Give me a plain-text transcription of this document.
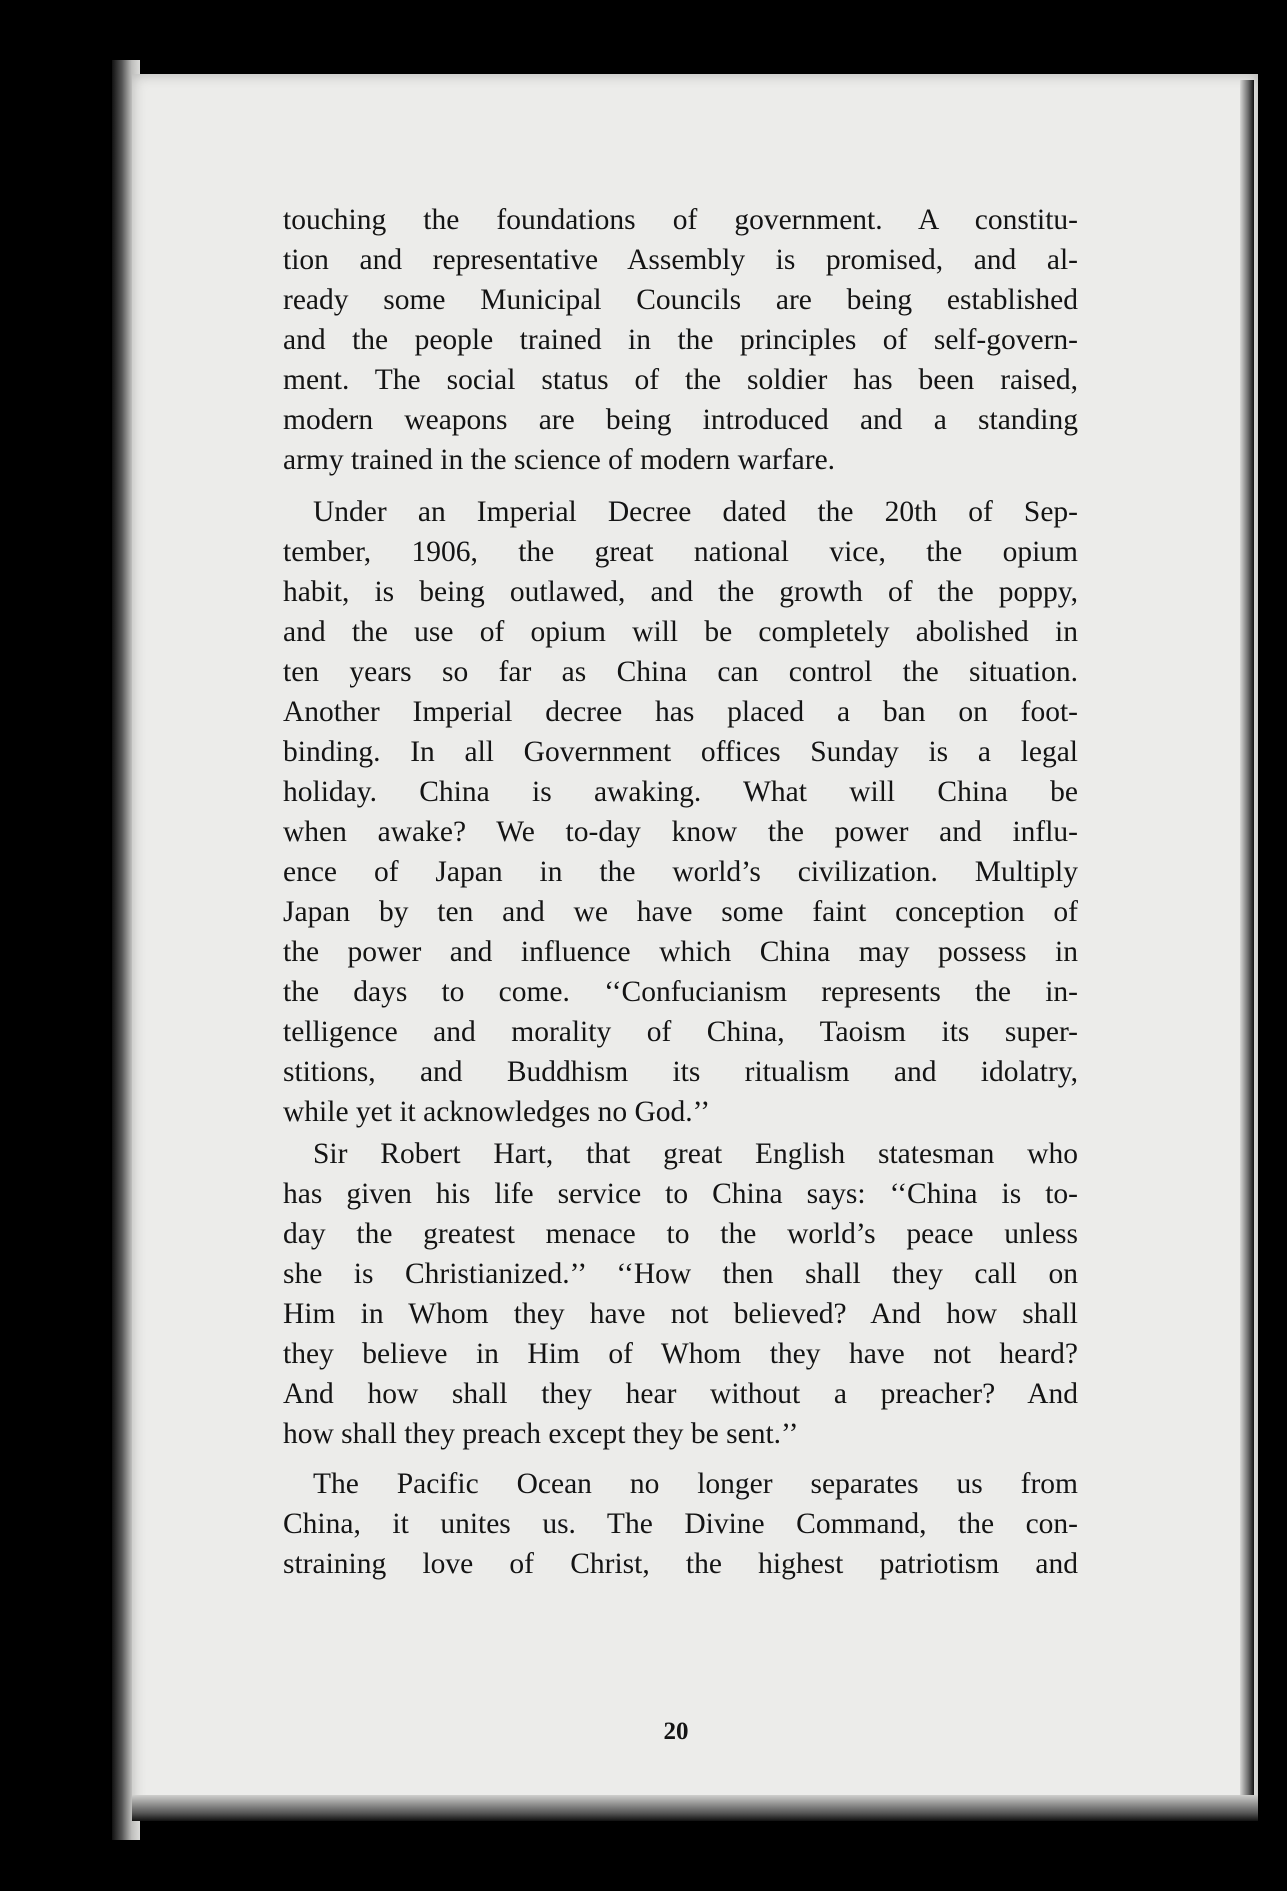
touching the foundations of government. A constitu-
tion and representative Assembly is promised, and al-
ready some Municipal Councils are being established
and the people trained in the principles of self-govern-
ment. The social status of the soldier has been raised,
modern weapons are being introduced and a standing
army trained in the science of modern warfare.

Under an Imperial Decree dated the 20th of Sep-
tember, 1906, the great national vice, the opium
habit, is being outlawed, and the growth of the poppy,
and the use of opium will be completely abolished in
ten years so far as China can control the situation.
Another Imperial decree has placed a ban on foot-
binding. In all Government offices Sunday is a legal
holiday. China is awaking. What will China be
when awake? We to-day know the power and influ-
ence of Japan in the world’s civilization. Multiply
Japan by ten and we have some faint conception of
the power and influence which China may possess in
the days to come. ‘‘Confucianism represents the in-
telligence and morality of China, Taoism its super-
stitions, and Buddhism its ritualism and idolatry,
while yet it acknowledges no God.’’

Sir Robert Hart, that great English statesman who
has given his life service to China says: ‘‘China is to-
day the greatest menace to the world’s peace unless
she is Christianized.’’ ‘‘How then shall they call on
Him in Whom they have not believed? And how shall
they believe in Him of Whom they have not heard?
And how shall they hear without a preacher? And
how shall they preach except they be sent.’’

The Pacific Ocean no longer separates us from
China, it unites us. The Divine Command, the con-
straining love of Christ, the highest patriotism and

20
